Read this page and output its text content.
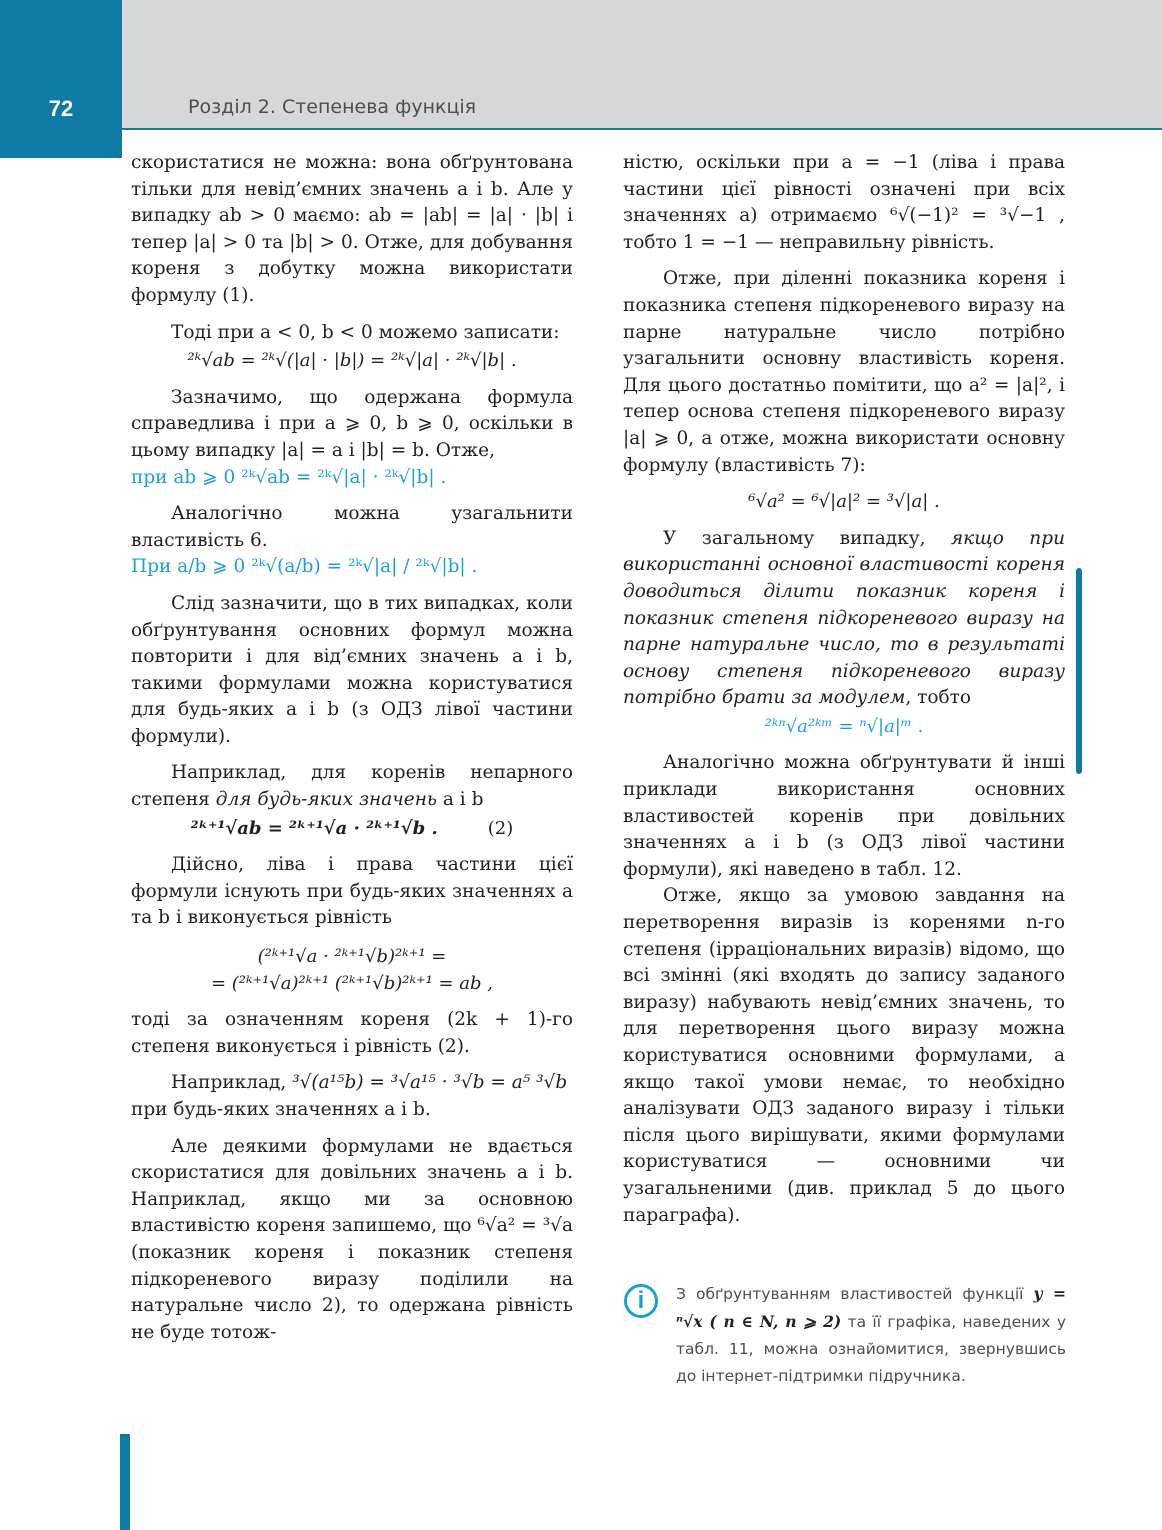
72	Розділ 2. Степенева функція

скористатися не можна: вона обґрунтована тільки для невід’ємних значень a і b. Але у випадку ab > 0 маємо: ab = |ab| = |a| · |b| і тепер |a| > 0 та |b| > 0. Отже, для добування кореня з добутку можна використати формулу (1).

Тоді при a < 0, b < 0 можемо записати:

²ᵏ√ab = ²ᵏ√(|a| · |b|) = ²ᵏ√|a| · ²ᵏ√|b| .

Зазначимо, що одержана формула справедлива і при a ⩾ 0, b ⩾ 0, оскільки в цьому випадку |a| = a і |b| = b. Отже,

при ab ⩾ 0 ²ᵏ√ab = ²ᵏ√|a| · ²ᵏ√|b| .

Аналогічно можна узагальнити властивість 6.

При a/b ⩾ 0 ²ᵏ√(a/b) = ²ᵏ√|a| / ²ᵏ√|b| .

Слід зазначити, що в тих випадках, коли обґрунтування основних формул можна повторити і для від’ємних значень a і b, такими формулами можна користуватися для будь-яких a і b (з ОДЗ лівої частини формули).

Наприклад, для коренів непарного степеня для будь-яких значень a і b

²ᵏ⁺¹√ab = ²ᵏ⁺¹√a · ²ᵏ⁺¹√b .	(2)

Дійсно, ліва і права частини цієї формули існують при будь-яких значеннях a та b і виконується рівність

(²ᵏ⁺¹√a · ²ᵏ⁺¹√b)²ᵏ⁺¹ =
= (²ᵏ⁺¹√a)²ᵏ⁺¹ (²ᵏ⁺¹√b)²ᵏ⁺¹ = ab ,

тоді за означенням кореня (2k + 1)-го степеня виконується і рівність (2).

Наприклад, ³√(a¹⁵b) = ³√a¹⁵ · ³√b = a⁵ ³√b

при будь-яких значеннях a і b.

Але деякими формулами не вдається скористатися для довільних значень a і b. Наприклад, якщо ми за основною властивістю кореня запишемо, що ⁶√a² = ³√a (показник кореня і показник степеня підкореневого виразу поділили на натуральне число 2), то одержана рівність не буде тотож-

ністю, оскільки при a = −1 (ліва і права частини цієї рівності означені при всіх значеннях a) отримаємо ⁶√(−1)² = ³√−1 , тобто 1 = −1 — неправильну рівність.

Отже, при діленні показника кореня і показника степеня підкореневого виразу на парне натуральне число потрібно узагальнити основну властивість кореня. Для цього достатньо помітити, що a² = |a|², і тепер основа степеня підкореневого виразу |a| ⩾ 0, а отже, можна використати основну формулу (властивість 7):

⁶√a² = ⁶√|a|² = ³√|a| .

У загальному випадку, якщо при використанні основної властивості кореня доводиться ділити показник кореня і показник степеня підкореневого виразу на парне натуральне число, то в результаті основу степеня підкореневого виразу потрібно брати за модулем, тобто

²ᵏⁿ√a²ᵏᵐ = ⁿ√|a|ᵐ .

Аналогічно можна обґрунтувати й інші приклади використання основних властивостей коренів при довільних значеннях a і b (з ОДЗ лівої частини формули), які наведено в табл. 12.

Отже, якщо за умовою завдання на перетворення виразів із коренями n-го степеня (ірраціональних виразів) відомо, що всі змінні (які входять до запису заданого виразу) набувають невід’ємних значень, то для перетворення цього виразу можна користуватися основними формулами, а якщо такої умови немає, то необхідно аналізувати ОДЗ заданого виразу і тільки після цього вирішувати, якими формулами користуватися — основними чи узагальненими (див. приклад 5 до цього параграфа).

i	З обґрунтуванням властивостей функції y = ⁿ√x ( n ∈ N, n ⩾ 2) та її графіка, наведених у табл. 11, можна ознайомитися, звернувшись до інтернет-підтримки підручника.
